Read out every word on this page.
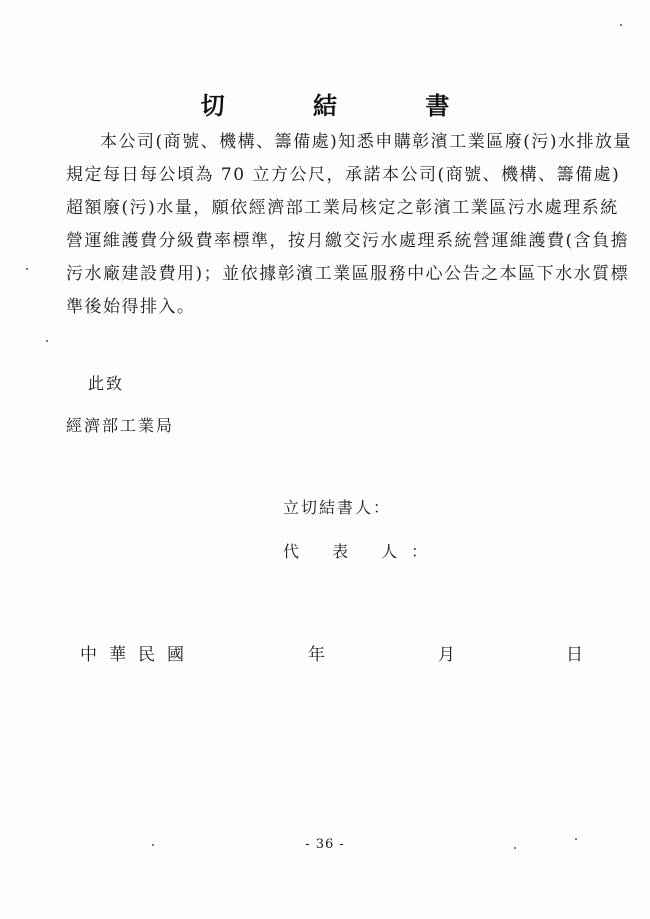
切 結 書
本公司(商號、機構、籌備處)知悉申購彰濱工業區廢(污)水排放量
規定每日每公頃為 70 立方公尺，承諾本公司(商號、機構、籌備處)
超額廢(污)水量，願依經濟部工業局核定之彰濱工業區污水處理系統
營運維護費分級費率標準，按月繳交污水處理系統營運維護費(含負擔
污水廠建設費用)；並依據彰濱工業區服務中心公告之本區下水水質標
準後始得排入。
此致
經濟部工業局
立切結書人：
代 表 人：
中華民國	年	月	日
- 36 -
